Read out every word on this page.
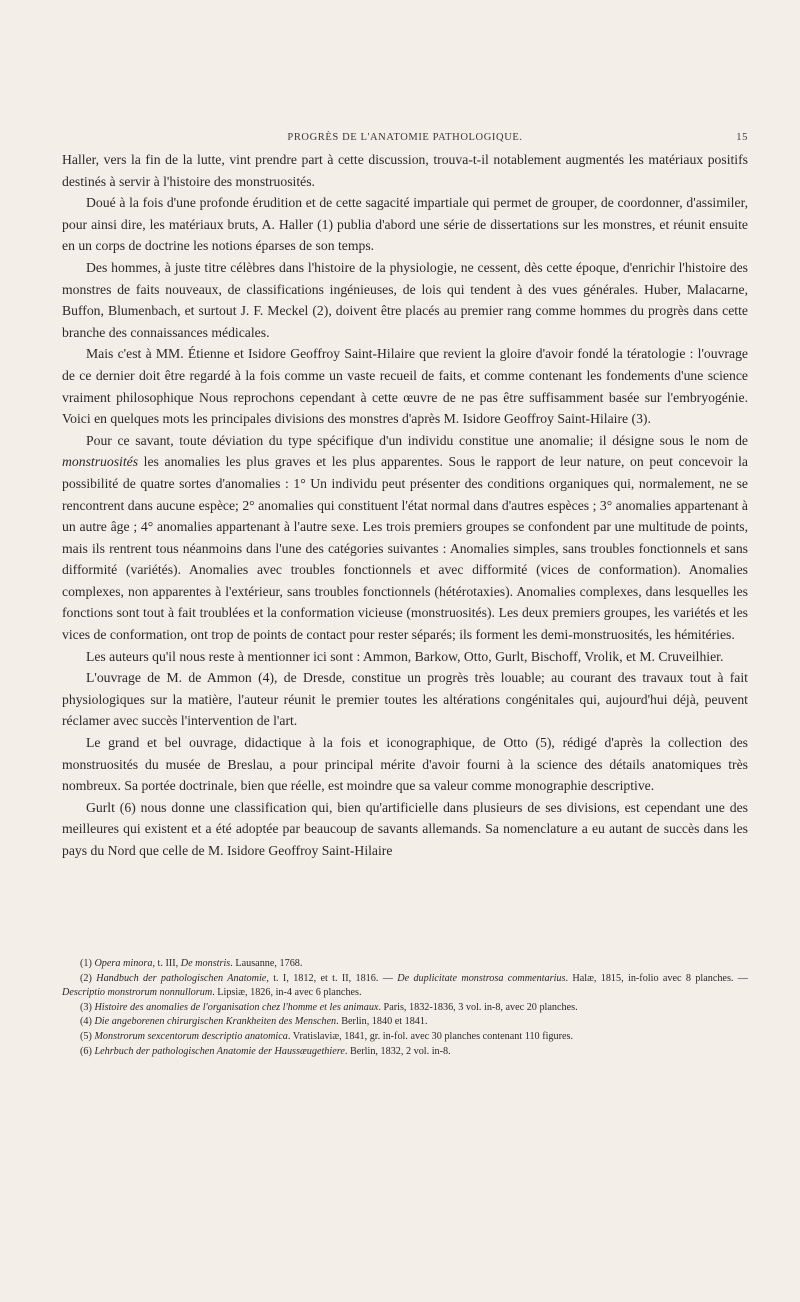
PROGRÈS DE L'ANATOMIE PATHOLOGIQUE.	15

Haller, vers la fin de la lutte, vint prendre part à cette discussion, trouva-t-il notablement augmentés les matériaux positifs destinés à servir à l'histoire des monstruosités.

Doué à la fois d'une profonde érudition et de cette sagacité impartiale qui permet de grouper, de coordonner, d'assimiler, pour ainsi dire, les matériaux bruts, A. Haller (1) publia d'abord une série de dissertations sur les monstres, et réunit ensuite en un corps de doctrine les notions éparses de son temps.

Des hommes, à juste titre célèbres dans l'histoire de la physiologie, ne cessent, dès cette époque, d'enrichir l'histoire des monstres de faits nouveaux, de classifications ingénieuses, de lois qui tendent à des vues générales. Huber, Malacarne, Buffon, Blumenbach, et surtout J. F. Meckel (2), doivent être placés au premier rang comme hommes du progrès dans cette branche des connaissances médicales.

Mais c'est à MM. Étienne et Isidore Geoffroy Saint-Hilaire que revient la gloire d'avoir fondé la tératologie : l'ouvrage de ce dernier doit être regardé à la fois comme un vaste recueil de faits, et comme contenant les fondements d'une science vraiment philosophique Nous reprochons cependant à cette œuvre de ne pas être suffisamment basée sur l'embryogénie. Voici en quelques mots les principales divisions des monstres d'après M. Isidore Geoffroy Saint-Hilaire (3).

Pour ce savant, toute déviation du type spécifique d'un individu constitue une anomalie; il désigne sous le nom de monstruosités les anomalies les plus graves et les plus apparentes. Sous le rapport de leur nature, on peut concevoir la possibilité de quatre sortes d'anomalies : 1° Un individu peut présenter des conditions organiques qui, normalement, ne se rencontrent dans aucune espèce; 2° anomalies qui constituent l'état normal dans d'autres espèces ; 3° anomalies appartenant à un autre âge ; 4° anomalies appartenant à l'autre sexe. Les trois premiers groupes se confondent par une multitude de points, mais ils rentrent tous néanmoins dans l'une des catégories suivantes : Anomalies simples, sans troubles fonctionnels et sans difformité (variétés). Anomalies avec troubles fonctionnels et avec difformité (vices de conformation). Anomalies complexes, non apparentes à l'extérieur, sans troubles fonctionnels (hétérotaxies). Anomalies complexes, dans lesquelles les fonctions sont tout à fait troublées et la conformation vicieuse (monstruosités). Les deux premiers groupes, les variétés et les vices de conformation, ont trop de points de contact pour rester séparés; ils forment les demi-monstruosités, les hémitéries.

Les auteurs qu'il nous reste à mentionner ici sont : Ammon, Barkow, Otto, Gurlt, Bischoff, Vrolik, et M. Cruveilhier.

L'ouvrage de M. de Ammon (4), de Dresde, constitue un progrès très louable; au courant des travaux tout à fait physiologiques sur la matière, l'auteur réunit le premier toutes les altérations congénitales qui, aujourd'hui déjà, peuvent réclamer avec succès l'intervention de l'art.

Le grand et bel ouvrage, didactique à la fois et iconographique, de Otto (5), rédigé d'après la collection des monstruosités du musée de Breslau, a pour principal mérite d'avoir fourni à la science des détails anatomiques très nombreux. Sa portée doctrinale, bien que réelle, est moindre que sa valeur comme monographie descriptive.

Gurlt (6) nous donne une classification qui, bien qu'artificielle dans plusieurs de ses divisions, est cependant une des meilleures qui existent et a été adoptée par beaucoup de savants allemands. Sa nomenclature a eu autant de succès dans les pays du Nord que celle de M. Isidore Geoffroy Saint-Hilaire

(1) Opera minora, t. III, De monstris. Lausanne, 1768.

(2) Handbuch der pathologischen Anatomie, t. I, 1812, et t. II, 1816. — De duplicitate monstrosa commentarius. Halæ, 1815, in-folio avec 8 planches. — Descriptio monstrorum nonnullorum. Lipsiæ, 1826, in-4 avec 6 planches.

(3) Histoire des anomalies de l'organisation chez l'homme et les animaux. Paris, 1832-1836, 3 vol. in-8, avec 20 planches.

(4) Die angeborenen chirurgischen Krankheiten des Menschen. Berlin, 1840 et 1841.

(5) Monstrorum sexcentorum descriptio anatomica. Vratislaviæ, 1841, gr. in-fol. avec 30 planches contenant 110 figures.

(6) Lehrbuch der pathologischen Anatomie der Haussæugethiere. Berlin, 1832, 2 vol. in-8.
